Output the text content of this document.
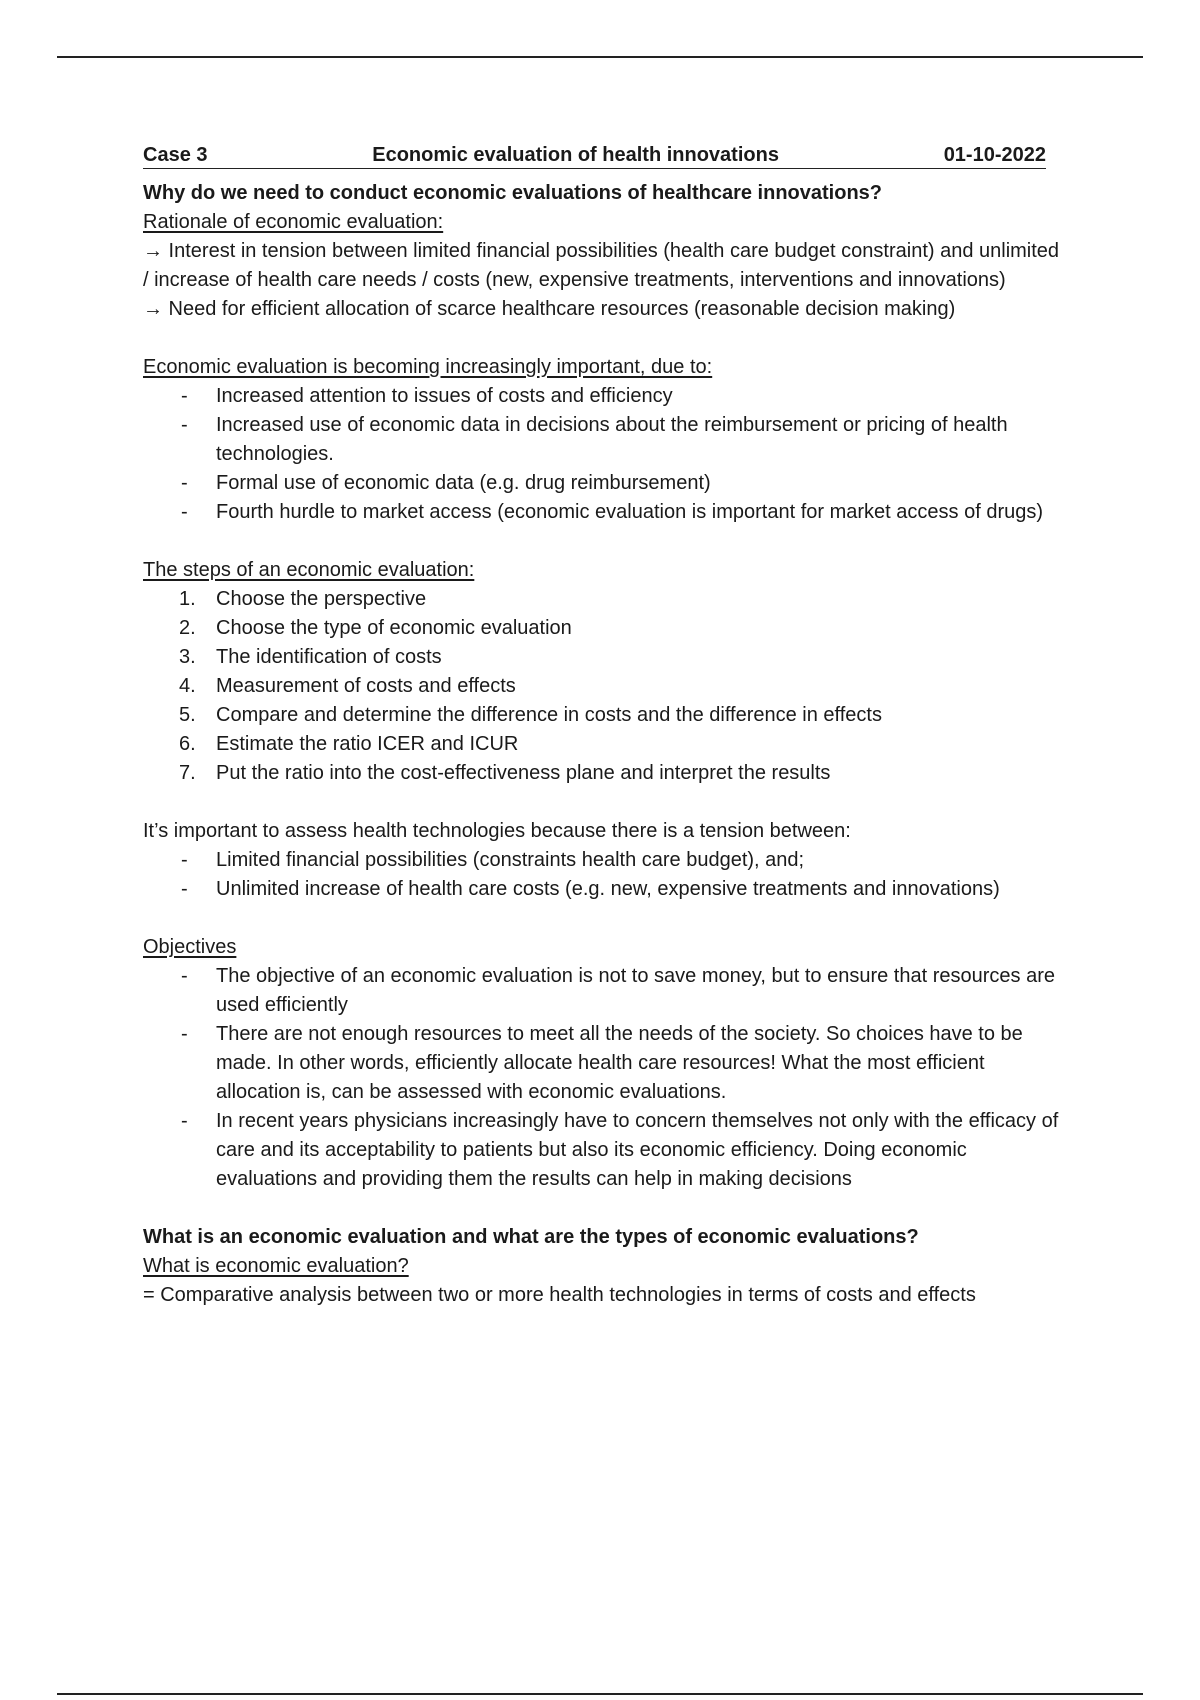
Case 3	Economic evaluation of health innovations	01-10-2022

Why do we need to conduct economic evaluations of healthcare innovations?

Rationale of economic evaluation:

→ Interest in tension between limited financial possibilities (health care budget constraint) and unlimited / increase of health care needs / costs (new, expensive treatments, interventions and innovations)

→ Need for efficient allocation of scarce healthcare resources (reasonable decision making)

Economic evaluation is becoming increasingly important, due to:

- Increased attention to issues of costs and efficiency
- Increased use of economic data in decisions about the reimbursement or pricing of health technologies.
- Formal use of economic data (e.g. drug reimbursement)
- Fourth hurdle to market access (economic evaluation is important for market access of drugs)

The steps of an economic evaluation:

1. Choose the perspective
2. Choose the type of economic evaluation
3. The identification of costs
4. Measurement of costs and effects
5. Compare and determine the difference in costs and the difference in effects
6. Estimate the ratio ICER and ICUR
7. Put the ratio into the cost-effectiveness plane and interpret the results

It’s important to assess health technologies because there is a tension between:

- Limited financial possibilities (constraints health care budget), and;
- Unlimited increase of health care costs (e.g. new, expensive treatments and innovations)

Objectives

- The objective of an economic evaluation is not to save money, but to ensure that resources are used efficiently
- There are not enough resources to meet all the needs of the society. So choices have to be made. In other words, efficiently allocate health care resources! What the most efficient allocation is, can be assessed with economic evaluations.
- In recent years physicians increasingly have to concern themselves not only with the efficacy of care and its acceptability to patients but also its economic efficiency. Doing economic evaluations and providing them the results can help in making decisions

What is an economic evaluation and what are the types of economic evaluations?

What is economic evaluation?

= Comparative analysis between two or more health technologies in terms of costs and effects
